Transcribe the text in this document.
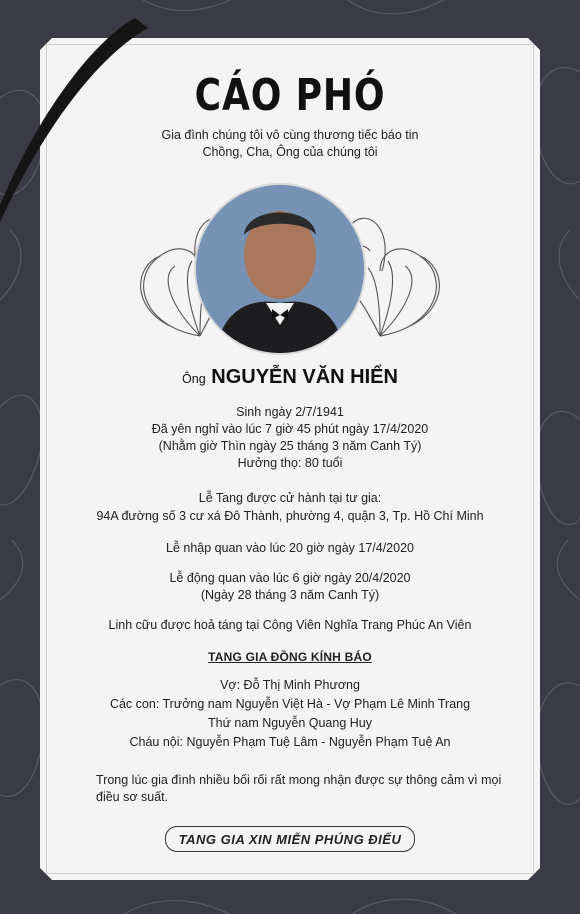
CÁO PHÓ
Gia đình chúng tôi vô cùng thương tiếc báo tin
Chồng, Cha, Ông của chúng tôi
Ông NGUYỄN VĂN HIỂN
Sinh ngày 2/7/1941
Đã yên nghỉ vào lúc 7 giờ 45 phút ngày 17/4/2020
(Nhằm giờ Thìn ngày 25 tháng 3 năm Canh Tý)
Hưởng thọ: 80 tuổi
Lễ Tang được cử hành tại tư gia:
94A đường số 3 cư xá Đô Thành, phường 4, quận 3, Tp. Hồ Chí Minh
Lễ nhập quan vào lúc 20 giờ ngày 17/4/2020
Lễ động quan vào lúc 6 giờ ngày 20/4/2020
(Ngày 28 tháng 3 năm Canh Tý)
Linh cữu được hoả táng tại Công Viên Nghĩa Trang Phúc An Viên
TANG GIA ĐỒNG KÍNH BÁO
Vợ: Đỗ Thị Minh Phương
Các con: Trưởng nam Nguyễn Việt Hà - Vợ Phạm Lê Minh Trang
Thứ nam Nguyễn Quang Huy
Cháu nội: Nguyễn Phạm Tuệ Lâm - Nguyễn Phạm Tuệ An
Trong lúc gia đình nhiều bối rối rất mong nhận được sự thông cảm vì mọi điều sơ suất.
TANG GIA XIN MIỄN PHÚNG ĐIẾU
